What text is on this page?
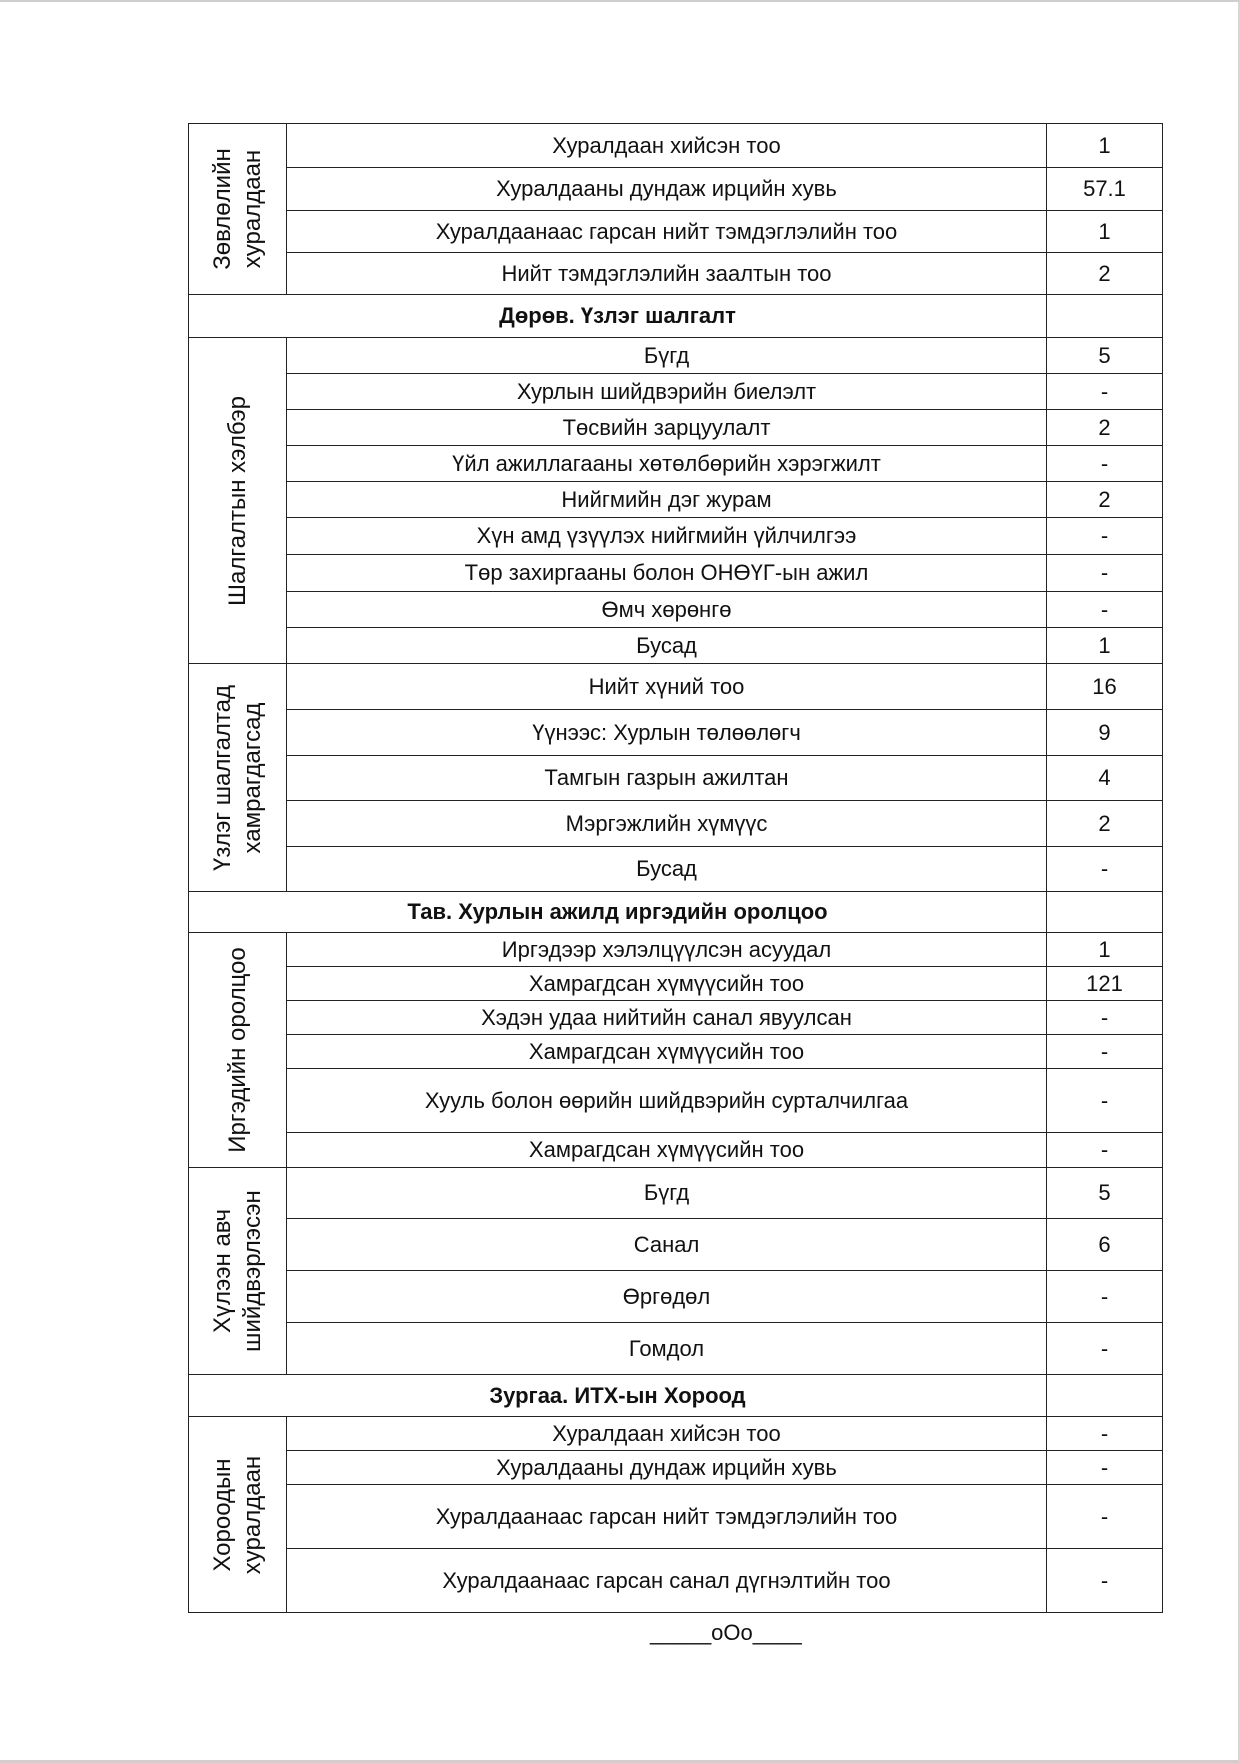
Зөвлөлийн хуралдаан	Хуралдаан хийсэн тоо	1
	Хуралдааны дундаж ирцийн хувь	57.1
	Хуралдаанаас гарсан нийт тэмдэглэлийн тоо	1
	Нийт тэмдэглэлийн заалтын тоо	2
Дөрөв. Үзлэг шалгалт		

Шалгалтын хэлбэр	Бүгд	5
	Хурлын шийдвэрийн биелэлт	-
	Төсвийн зарцуулалт	2
	Үйл ажиллагааны хөтөлбөрийн хэрэгжилт	-
	Нийгмийн дэг журам	2
	Хүн амд үзүүлэх нийгмийн үйлчилгээ	-
	Төр захиргааны болон ОНӨҮГ-ын ажил	-
	Өмч хөрөнгө	-
	Бусад	1

Үзлэг шалгалтад хамрагдагсад	Нийт хүний тоо	16
	Үүнээс: Хурлын төлөөлөгч	9
	Тамгын газрын ажилтан	4
	Мэргэжлийн хүмүүс	2
	Бусад	-
Тав. Хурлын ажилд иргэдийн оролцоо		

Иргэдийн оролцоо	Иргэдээр хэлэлцүүлсэн асуудал	1
	Хамрагдсан хүмүүсийн тоо	121
	Хэдэн удаа нийтийн санал явуулсан	-
	Хамрагдсан хүмүүсийн тоо	-
	Хууль болон өөрийн шийдвэрийн сурталчилгаа	-
	Хамрагдсан хүмүүсийн тоо	-

Хүлээн авч шийдвэрлэсэн	Бүгд	5
	Санал	6
	Өргөдөл	-
	Гомдол	-
Зургаа. ИТХ-ын Хороод		

Хороодын хуралдаан	Хуралдаан хийсэн тоо	-
	Хуралдааны дундаж ирцийн хувь	-
	Хуралдаанаас гарсан нийт тэмдэглэлийн тоо	-
	Хуралдаанаас гарсан санал дүгнэлтийн тоо	-
_____oOo____
